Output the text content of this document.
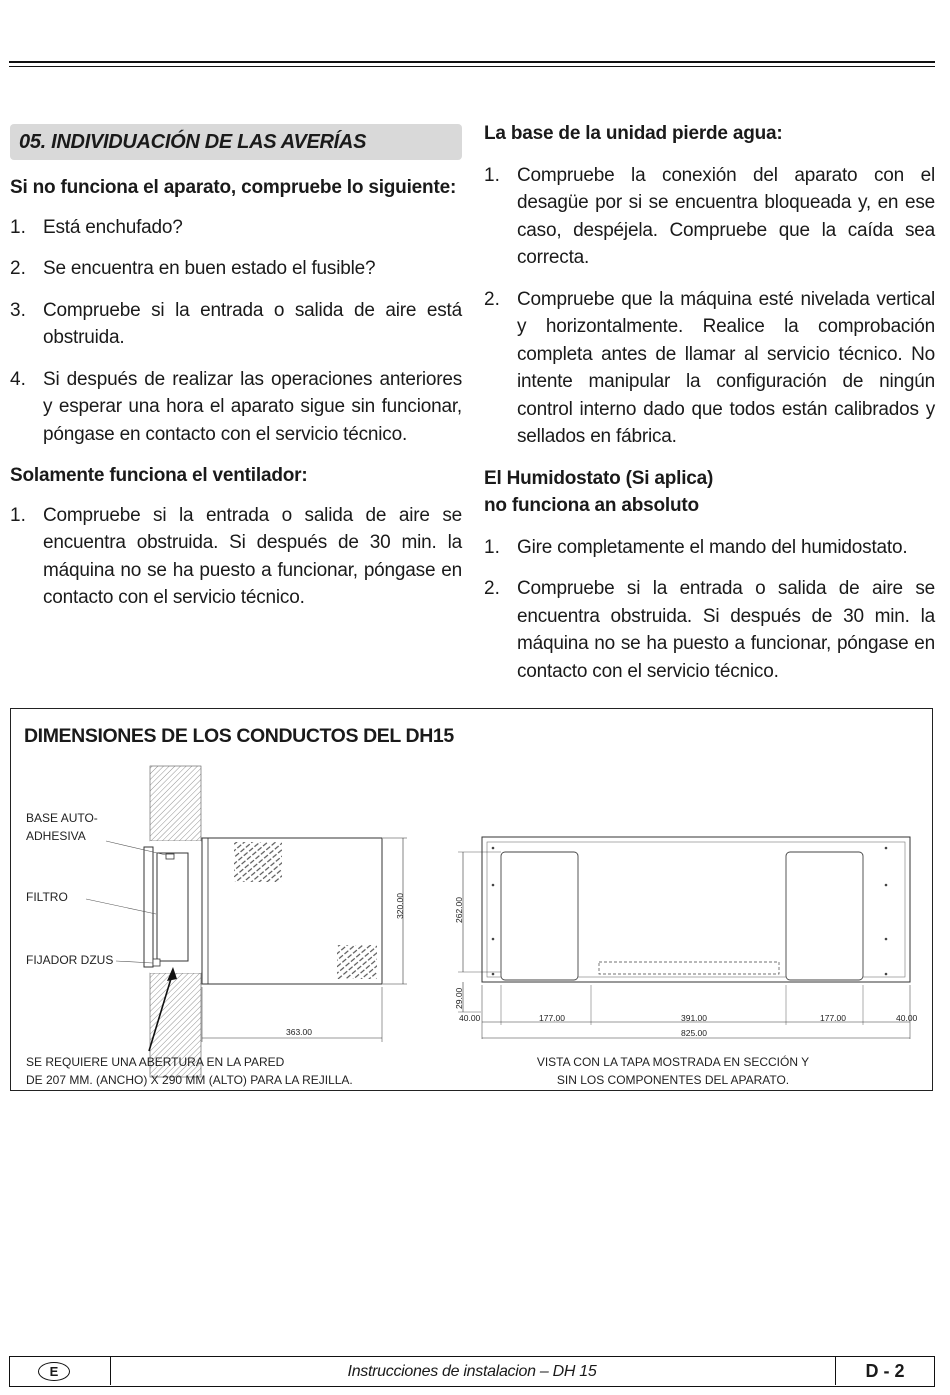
05. INDIVIDUACIÓN DE LAS AVERÍAS
Si no funciona el aparato, compruebe lo siguiente:
1. Está enchufado?
2. Se encuentra en buen estado el fusible?
3. Compruebe si la entrada o salida de aire está obstruida.
4. Si después de realizar las operaciones anteriores y esperar una hora el aparato sigue sin funcionar, póngase en contacto con el servicio técnico.
Solamente funciona el ventilador:
1. Compruebe si la entrada o salida de aire se encuentra obstruida. Si después de 30 min. la máquina no se ha puesto a funcionar, póngase en contacto con el servicio técnico.
La base de la unidad pierde agua:
1. Compruebe la conexión del aparato con el desagüe por si se encuentra bloqueada y, en ese caso, despéjela. Compruebe que la caída sea correcta.
2. Compruebe que la máquina esté nivelada vertical y horizontalmente. Realice la comprobación completa antes de llamar al servicio técnico. No intente manipular la configuración de ningún control interno dado que todos están calibrados y sellados en fábrica.
El Humidostato (Si aplica)
no funciona an absoluto
1. Gire completamente el mando del humidostato.
2. Compruebe si la entrada o salida de aire se encuentra obstruida. Si después de 30 min. la máquina no se ha puesto a funcionar, póngase en contacto con el servicio técnico.
DIMENSIONES DE LOS CONDUCTOS DEL DH15
320.00
363.00
BASE AUTO-
ADHESIVA
FILTRO
FIJADOR DZUS
262.00
29.00
40.00	177.00	391.00	177.00	40.00
825.00
SE REQUIERE UNA ABERTURA EN LA PARED
DE 207 MM. (ANCHO) X 290 MM (ALTO) PARA LA REJILLA.
VISTA CON LA TAPA MOSTRADA EN SECCIÓN Y
SIN LOS COMPONENTES DEL APARATO.
E	Instrucciones de instalacion – DH 15	D - 2
